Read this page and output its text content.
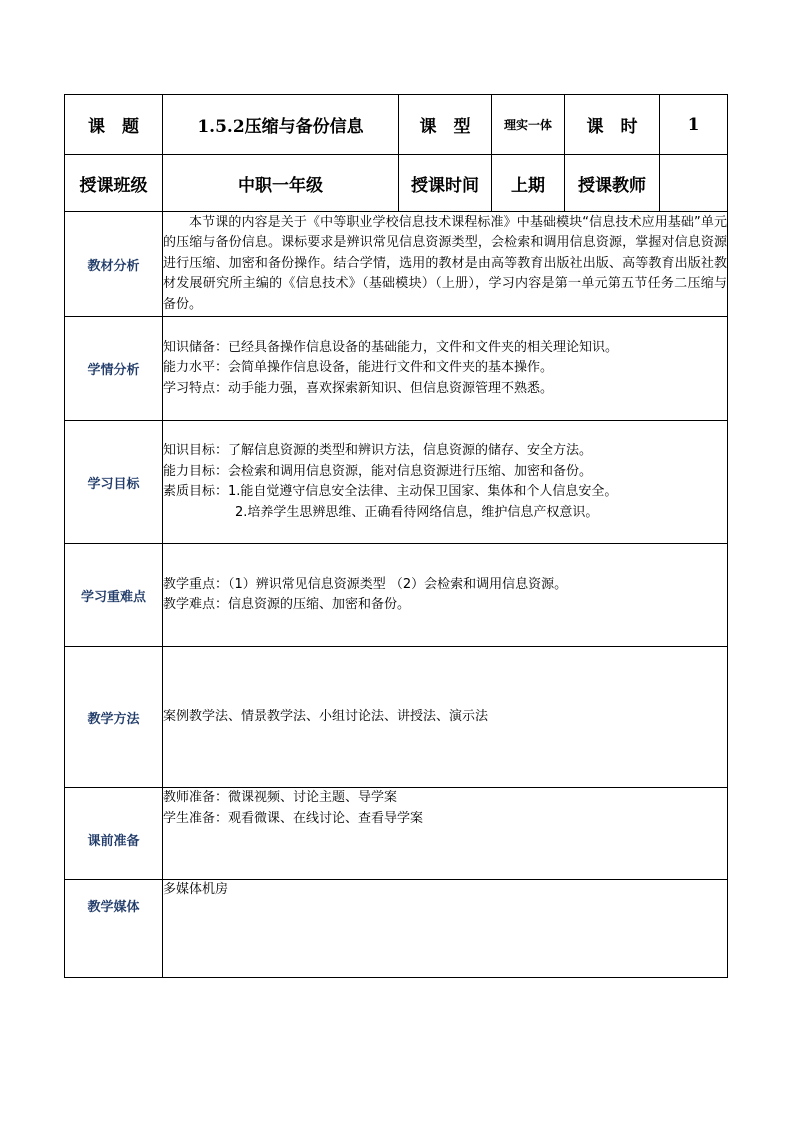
课　题	1.5.2压缩与备份信息	课　型	理实一体	课　时	1
授课班级	中职一年级	授课时间	上期	授课教师	
教材分析	本节课的内容是关于《中等职业学校信息技术课程标准》中基础模块“信息技术应用基础”单元的压缩与备份信息。课标要求是辨识常见信息资源类型，会检索和调用信息资源，掌握对信息资源进行压缩、加密和备份操作。结合学情，选用的教材是由高等教育出版社出版、高等教育出版社教材发展研究所主编的《信息技术》（基础模块）（上册），学习内容是第一单元第五节任务二压缩与备份。				

学情分析	知识储备：已经具备操作信息设备的基础能力，文件和文件夹的相关理论知识。

能力水平：会简单操作信息设备，能进行文件和文件夹的基本操作。

学习特点：动手能力强，喜欢探索新知识、但信息资源管理不熟悉。				

学习目标	知识目标：了解信息资源的类型和辨识方法，信息资源的储存、安全方法。

能力目标：会检索和调用信息资源，能对信息资源进行压缩、加密和备份。

素质目标：1.能自觉遵守信息安全法律、主动保卫国家、集体和个人信息安全。

2.培养学生思辨思维、正确看待网络信息，维护信息产权意识。				

学习重难点	教学重点：（1）辨识常见信息资源类型 （2）会检索和调用信息资源。

教学难点：信息资源的压缩、加密和备份。				

教学方法	案例教学法、情景教学法、小组讨论法、讲授法、演示法				

课前准备	教师准备：微课视频、讨论主题、导学案

学生准备：观看微课、在线讨论、查看导学案				

教学媒体	多媒体机房				
